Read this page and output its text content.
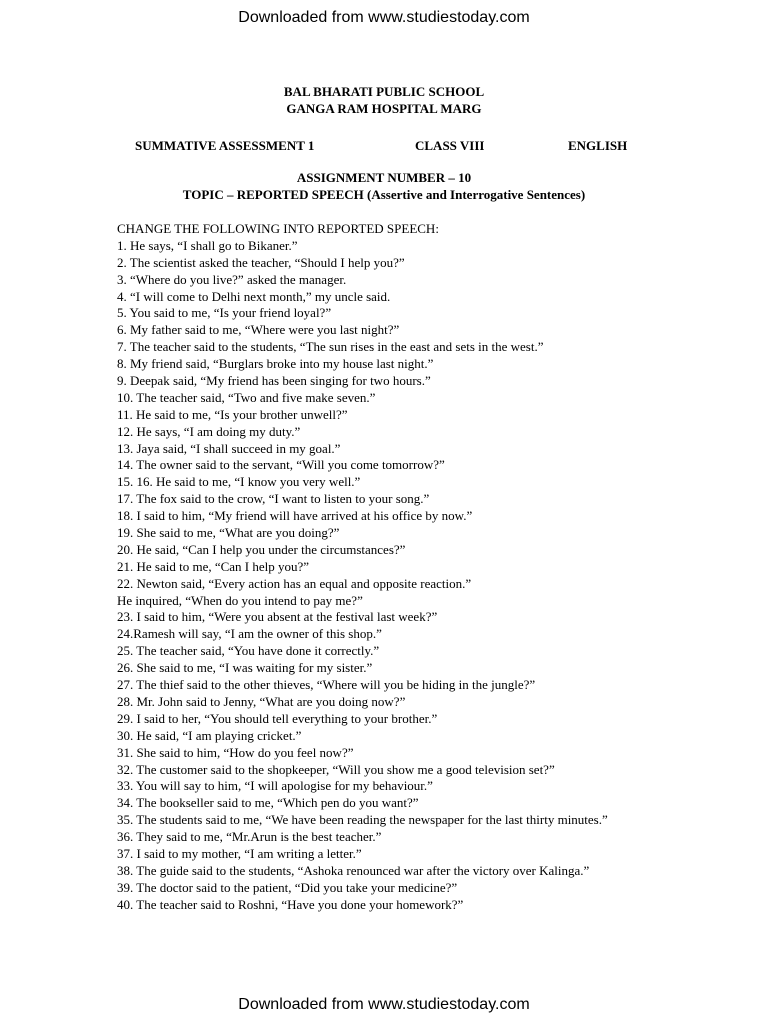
Downloaded from www.studiestoday.com
BAL BHARATI PUBLIC SCHOOL
GANGA RAM HOSPITAL MARG
SUMMATIVE ASSESSMENT 1	CLASS VIII	ENGLISH
ASSIGNMENT NUMBER – 10
TOPIC – REPORTED SPEECH (Assertive and Interrogative Sentences)
CHANGE THE FOLLOWING INTO REPORTED SPEECH:
1. He says, “I shall go to Bikaner.”
2. The scientist asked the teacher, “Should I help you?”
3. “Where do you live?” asked the manager.
4. “I will come to Delhi next month,” my uncle said.
5. You said to me, “Is your friend loyal?”
6. My father said to me, “Where were you last night?”
7. The teacher said to the students, “The sun rises in the east and sets in the west.”
8. My friend said, “Burglars broke into my house last night.”
9. Deepak said, “My friend has been singing for two hours.”
10. The teacher said, “Two and five make seven.”
11. He said to me, “Is your brother unwell?”
12. He says, “I am doing my duty.”
13. Jaya said, “I shall succeed in my goal.”
14. The owner said to the servant, “Will you come tomorrow?”
15. 16. He said to me, “I know you very well.”
17. The fox said to the crow, “I want to listen to your song.”
18. I said to him, “My friend will have arrived at his office by now.”
19. She said to me, “What are you doing?”
20. He said, “Can I help you under the circumstances?”
21. He said to me, “Can I help you?”
22. Newton said, “Every action has an equal and opposite reaction.”
He inquired, “When do you intend to pay me?”
23. I said to him, “Were you absent at the festival last week?”
24.Ramesh will say, “I am the owner of this shop.”
25. The teacher said, “You have done it correctly.”
26. She said to me, “I was waiting for my sister.”
27. The thief said to the other thieves, “Where will you be hiding in the jungle?”
28. Mr. John said to Jenny, “What are you doing now?”
29. I said to her, “You should tell everything to your brother.”
30. He said, “I am playing cricket.”
31. She said to him, “How do you feel now?”
32. The customer said to the shopkeeper, “Will you show me a good television set?”
33. You will say to him, “I will apologise for my behaviour.”
34. The bookseller said to me, “Which pen do you want?”
35. The students said to me, “We have been reading the newspaper for the last thirty minutes.”
36. They said to me, “Mr.Arun is the best teacher.”
37. I said to my mother, “I am writing a letter.”
38. The guide said to the students, “Ashoka renounced war after the victory over Kalinga.”
39. The doctor said to the patient, “Did you take your medicine?”
40. The teacher said to Roshni, “Have you done your homework?”
Downloaded from www.studiestoday.com
